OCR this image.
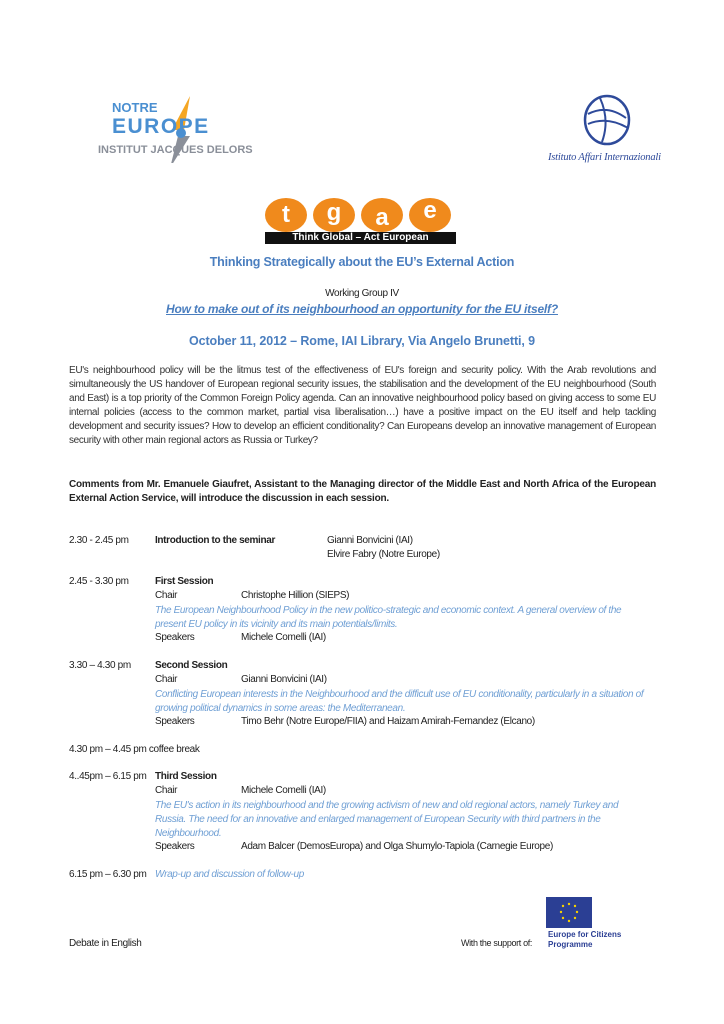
NOTRE
EUROPE
INSTITUT JACQUES DELORS
Istituto Affari Internazionali
t	g	a	e
Think Global – Act European
Thinking Strategically about the EU’s External Action
Working Group IV
How to make out of its neighbourhood an opportunity for the EU itself?
October 11, 2012 – Rome, IAI Library, Via Angelo Brunetti, 9
EU's neighbourhood policy will be the litmus test of the effectiveness of EU's foreign and security policy. With the Arab revolutions and simultaneously the US handover of European regional security issues, the stabilisation and the development of the EU neighbourhood (South and East) is a top priority of the Common Foreign Policy agenda. Can an innovative neighbourhood policy based on giving access to some EU internal policies (access to the common market, partial visa liberalisation…) have a positive impact on the EU itself and help tackling development and security issues? How to develop an efficient conditionality? Can Europeans develop an innovative management of European security with other main regional actors as Russia or Turkey?
Comments from Mr. Emanuele Giaufret, Assistant to the Managing director of the Middle East and North Africa of the European External Action Service, will introduce the discussion in each session.
2.30 - 2.45 pm	Introduction to the seminar	Gianni Bonvicini (IAI)
Elvire Fabry (Notre Europe)
2.45 - 3.30 pm	First Session
Chair	Christophe Hillion (SIEPS)
The European Neighbourhood Policy in the new politico-strategic and economic context. A general overview of the present EU policy in its vicinity and its main potentials/limits.
Speakers	Michele Comelli (IAI)
3.30 – 4.30 pm Second Session
Chair	Gianni Bonvicini (IAI)
Conflicting European interests in the Neighbourhood and the difficult use of EU conditionality, particularly in a situation of growing political dynamics in some areas: the Mediterranean.
Speakers	Timo Behr (Notre Europe/FIIA) and Haizam Amirah-Fernandez (Elcano)
4.30 pm – 4.45 pm coffee break
4..45pm – 6.15 pm Third Session
Chair	Michele Comelli (IAI)
The EU's action in its neighbourhood and the growing activism of new and old regional actors, namely Turkey and Russia. The need for an innovative and enlarged management of European Security with third partners in the Neighbourhood.
Speakers	Adam Balcer (DemosEuropa) and Olga Shumylo-Tapiola (Carnegie Europe)
6.15 pm – 6.30 pm Wrap-up and discussion of follow-up
Debate in English	With the support of:
Europe for Citizens
Programme
